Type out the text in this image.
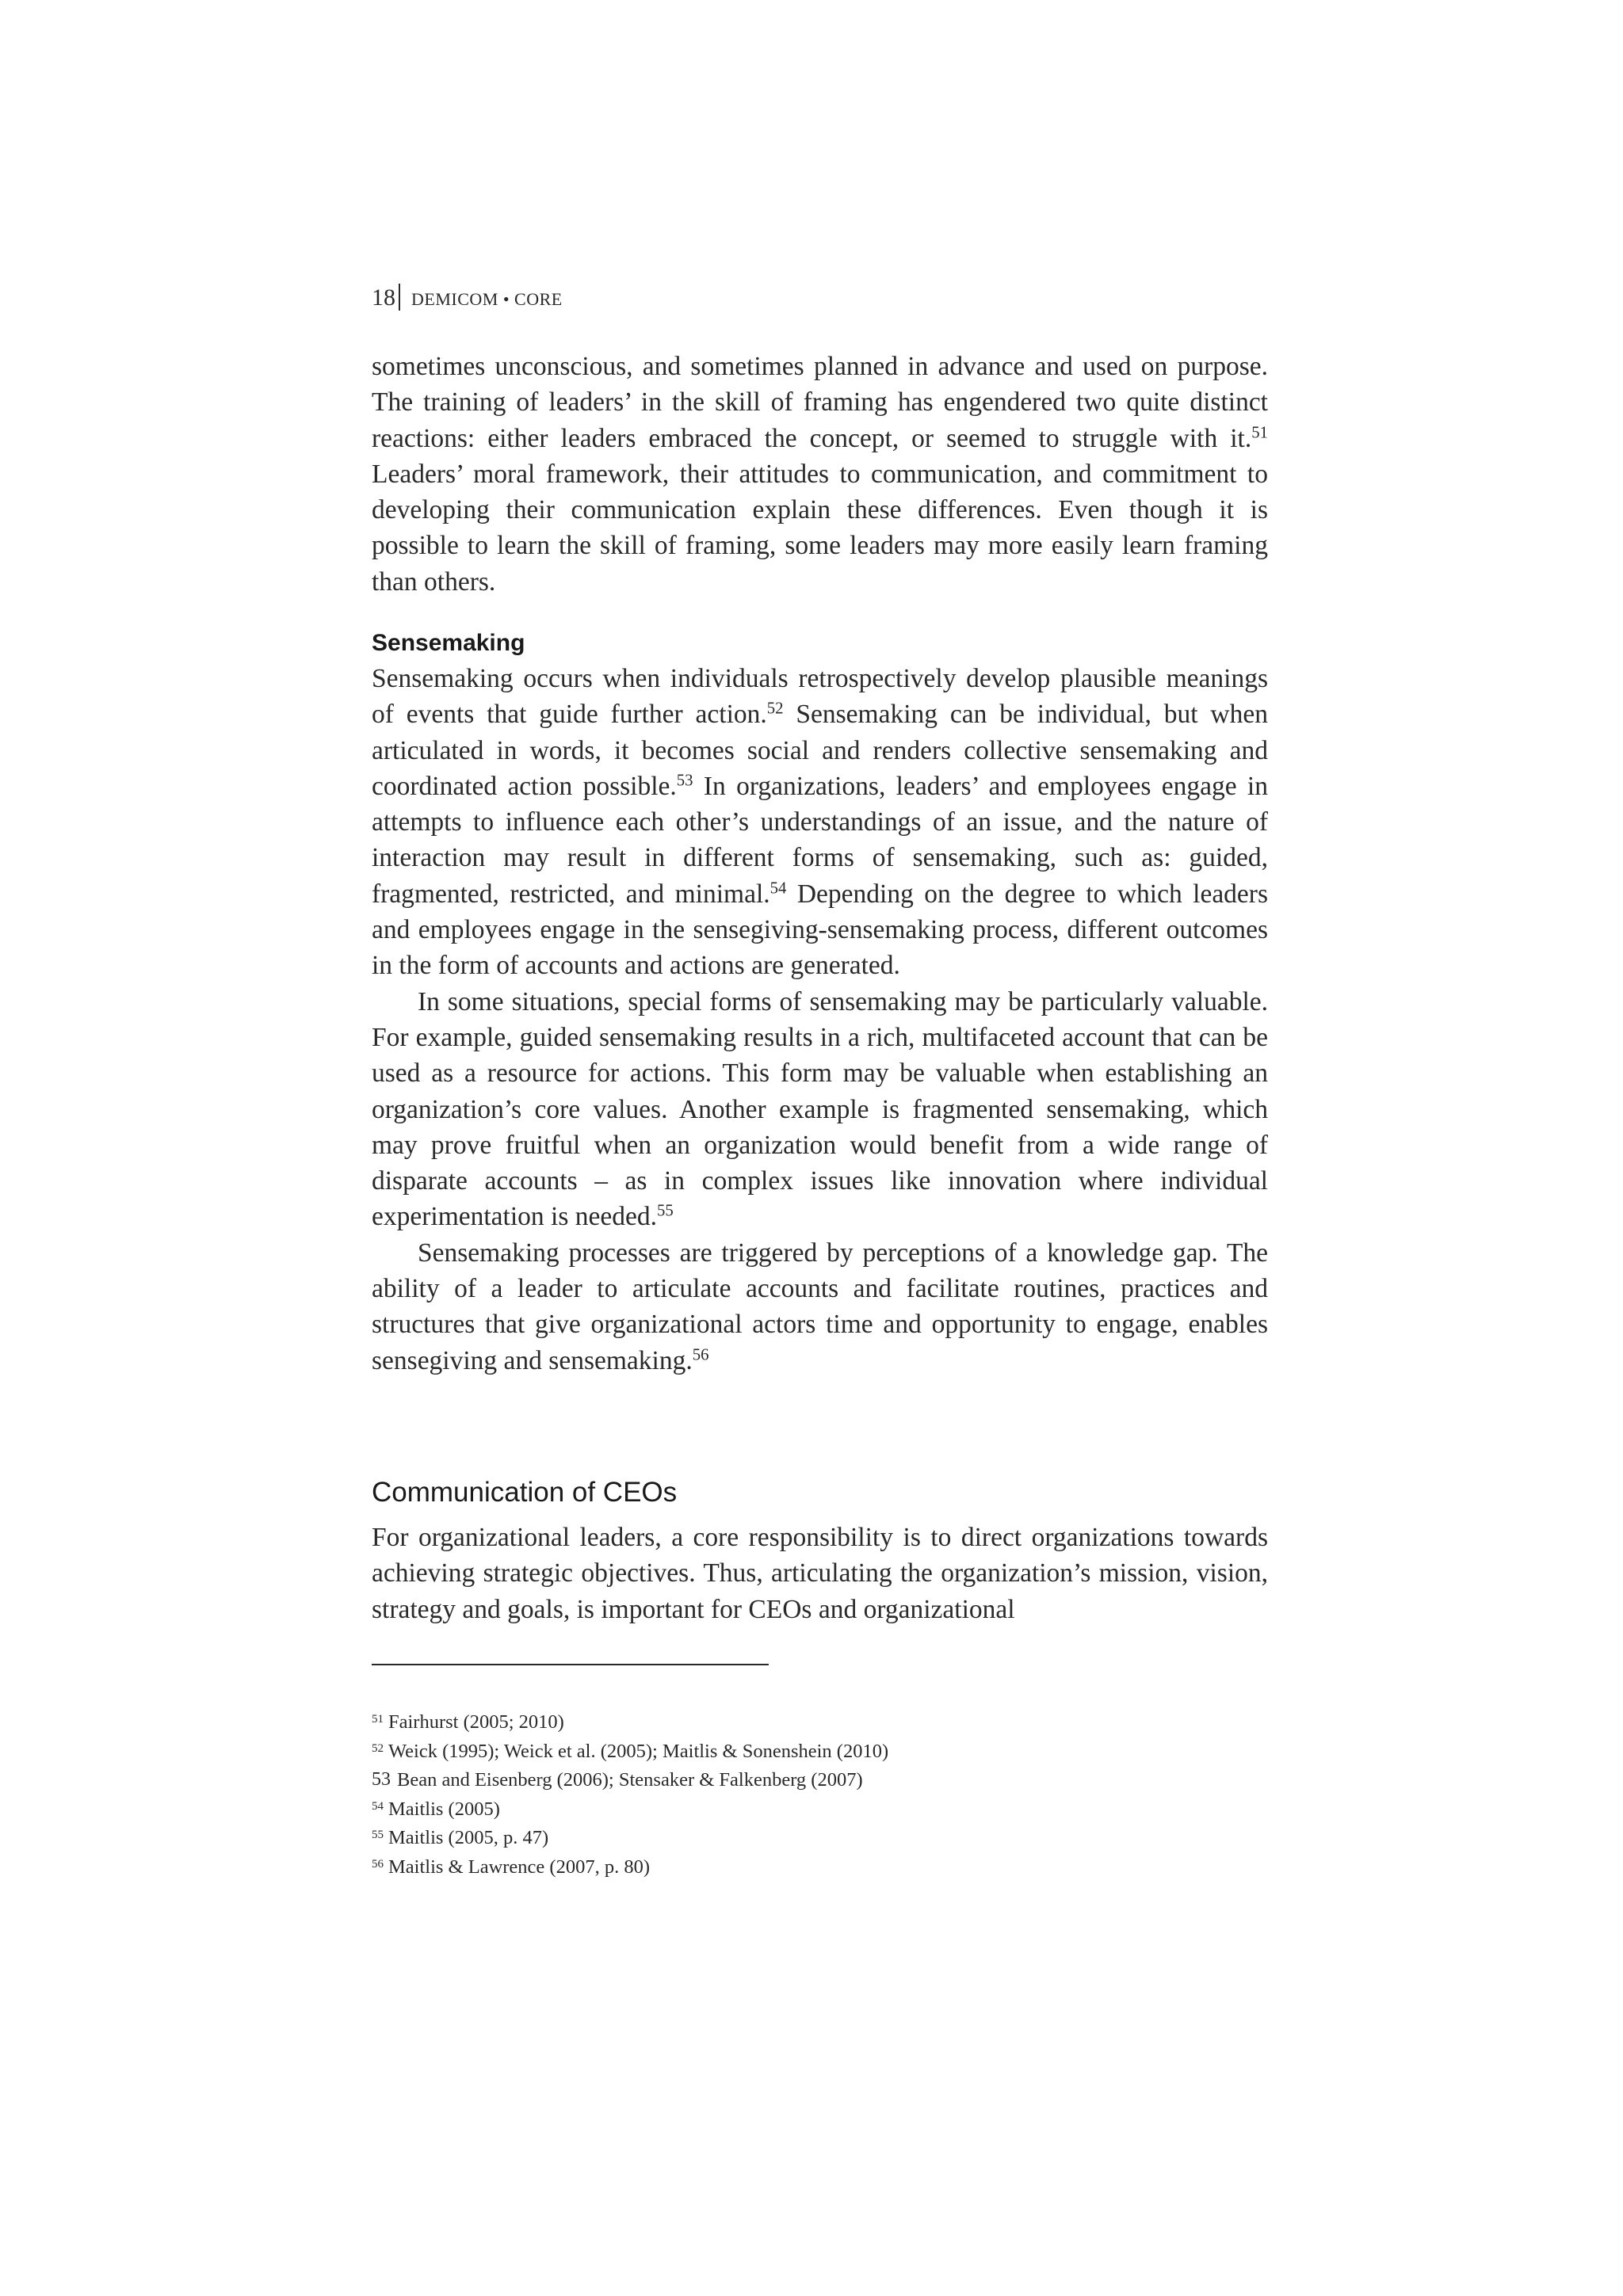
18 DEMICOM • CORE

sometimes unconscious, and sometimes planned in advance and used on purpose. The training of leaders’ in the skill of framing has engendered two quite distinct reactions: either leaders embraced the concept, or seemed to struggle with it.$^{51}$ Leaders’ moral framework, their attitudes to communication, and commitment to developing their communication explain these differences. Even though it is possible to learn the skill of framing, some leaders may more easily learn framing than others.

Sensemaking

Sensemaking occurs when individuals retrospectively develop plausible meanings of events that guide further action.$^{52}$ Sensemaking can be individual, but when articulated in words, it becomes social and renders collective sensemaking and coordinated action possible.$^{53}$ In organizations, leaders’ and employees engage in attempts to influence each other’s understandings of an issue, and the nature of interaction may result in different forms of sensemaking, such as: guided, fragmented, restricted, and minimal.$^{54}$ Depending on the degree to which leaders and employees engage in the sensegiving-sensemaking process, different outcomes in the form of accounts and actions are generated.

In some situations, special forms of sensemaking may be particularly valuable. For example, guided sensemaking results in a rich, multifaceted account that can be used as a resource for actions. This form may be valuable when establishing an organization’s core values. Another example is fragmented sensemaking, which may prove fruitful when an organization would benefit from a wide range of disparate accounts – as in complex issues like innovation where individual experimentation is needed.$^{55}$

Sensemaking processes are triggered by perceptions of a knowledge gap. The ability of a leader to articulate accounts and facilitate routines, practices and structures that give organizational actors time and opportunity to engage, enables sensegiving and sensemaking.$^{56}$

Communication of CEOs

For organizational leaders, a core responsibility is to direct organizations towards achieving strategic objectives. Thus, articulating the organization’s mission, vision, strategy and goals, is important for CEOs and organizational

$^{51}$ Fairhurst (2005; 2010)
$^{52}$ Weick (1995); Weick et al. (2005); Maitlis & Sonenshein (2010)
53 Bean and Eisenberg (2006); Stensaker & Falkenberg (2007)
$^{54}$ Maitlis (2005)
$^{55}$ Maitlis (2005, p. 47)
$^{56}$ Maitlis & Lawrence (2007, p. 80)
